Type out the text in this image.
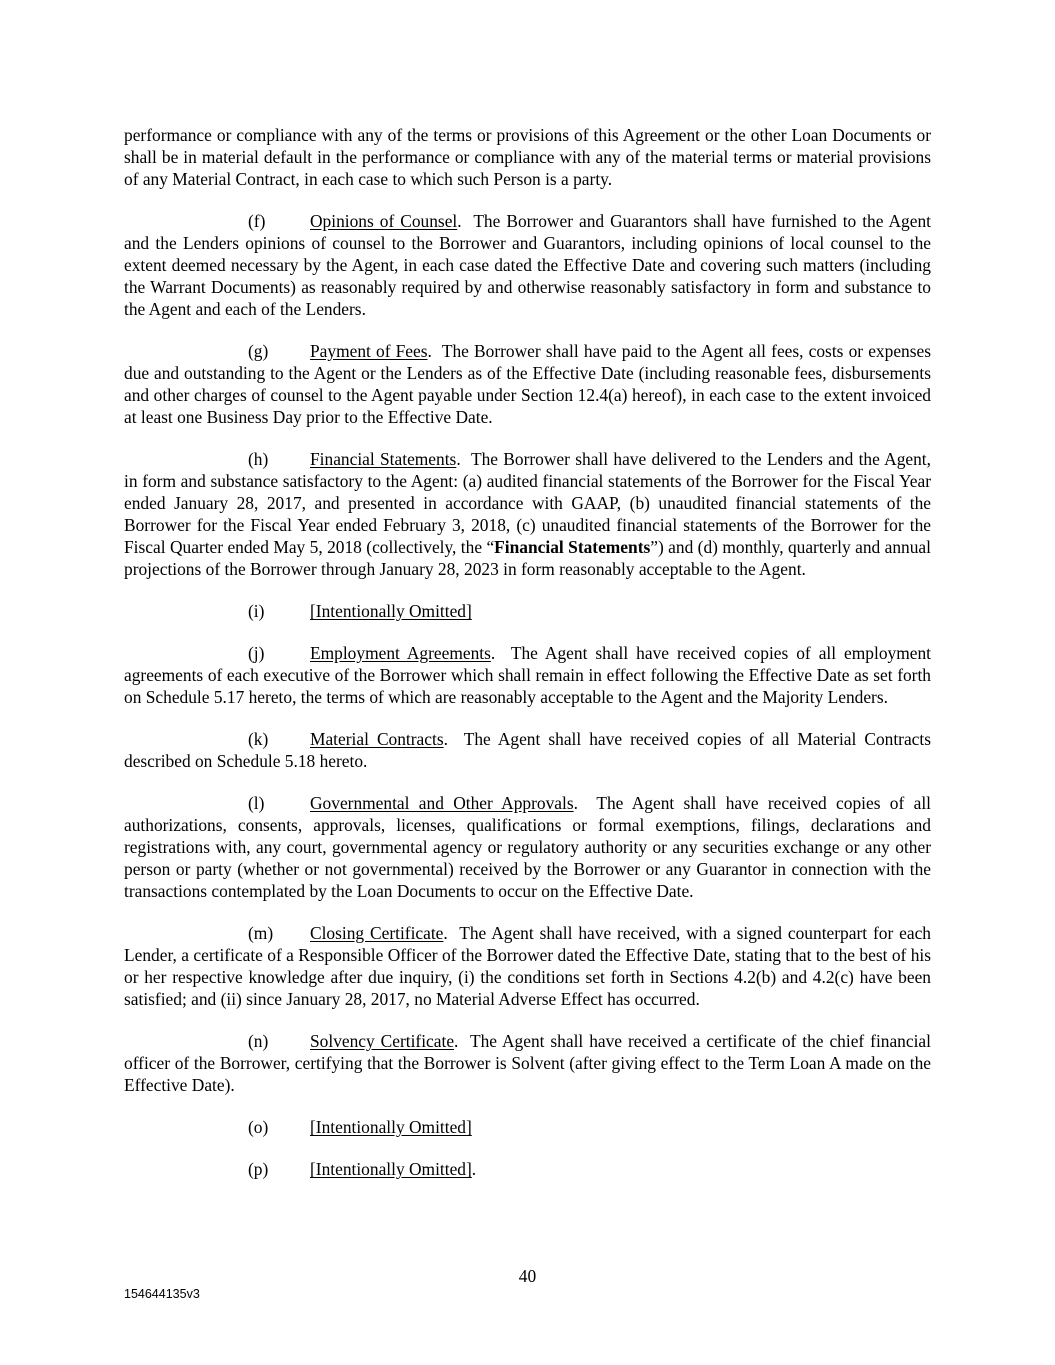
performance or compliance with any of the terms or provisions of this Agreement or the other Loan Documents or shall be in material default in the performance or compliance with any of the material terms or material provisions of any Material Contract, in each case to which such Person is a party.

(f)	Opinions of Counsel. The Borrower and Guarantors shall have furnished to the Agent and the Lenders opinions of counsel to the Borrower and Guarantors, including opinions of local counsel to the extent deemed necessary by the Agent, in each case dated the Effective Date and covering such matters (including the Warrant Documents) as reasonably required by and otherwise reasonably satisfactory in form and substance to the Agent and each of the Lenders.

(g) Payment of Fees. The Borrower shall have paid to the Agent all fees, costs or expenses due and outstanding to the Agent or the Lenders as of the Effective Date (including reasonable fees, disbursements and other charges of counsel to the Agent payable under Section 12.4(a) hereof), in each case to the extent invoiced at least one Business Day prior to the Effective Date.

(h) Financial Statements. The Borrower shall have delivered to the Lenders and the Agent, in form and substance satisfactory to the Agent: (a) audited financial statements of the Borrower for the Fiscal Year ended January 28, 2017, and presented in accordance with GAAP, (b) unaudited financial statements of the Borrower for the Fiscal Year ended February 3, 2018, (c) unaudited financial statements of the Borrower for the Fiscal Quarter ended May 5, 2018 (collectively, the “Financial Statements”) and (d) monthly, quarterly and annual projections of the Borrower through January 28, 2023 in form reasonably acceptable to the Agent.

(i)	[Intentionally Omitted]

(j)	Employment Agreements. The Agent shall have received copies of all employment agreements of each executive of the Borrower which shall remain in effect following the Effective Date as set forth on Schedule 5.17 hereto, the terms of which are reasonably acceptable to the Agent and the Majority Lenders.

(k) Material Contracts. The Agent shall have received copies of all Material Contracts described on Schedule 5.18 hereto.

(l)	Governmental and Other Approvals. The Agent shall have received copies of all authorizations, consents, approvals, licenses, qualifications or formal exemptions, filings, declarations and registrations with, any court, governmental agency or regulatory authority or any securities exchange or any other person or party (whether or not governmental) received by the Borrower or any Guarantor in connection with the transactions contemplated by the Loan Documents to occur on the Effective Date.

(m) Closing Certificate. The Agent shall have received, with a signed counterpart for each Lender, a certificate of a Responsible Officer of the Borrower dated the Effective Date, stating that to the best of his or her respective knowledge after due inquiry, (i) the conditions set forth in Sections 4.2(b) and 4.2(c) have been satisfied; and (ii) since January 28, 2017, no Material Adverse Effect has occurred.

(n) Solvency Certificate. The Agent shall have received a certificate of the chief financial officer of the Borrower, certifying that the Borrower is Solvent (after giving effect to the Term Loan A made on the Effective Date).

(o) [Intentionally Omitted]

(p) [Intentionally Omitted].

40
154644135v3
